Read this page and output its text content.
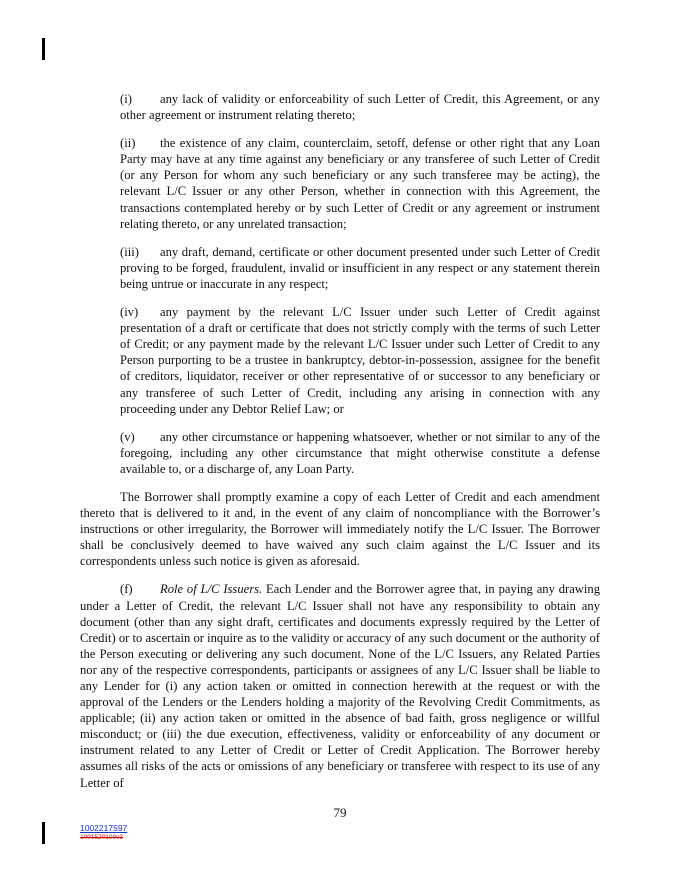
(i) any lack of validity or enforceability of such Letter of Credit, this Agreement, or any other agreement or instrument relating thereto;

(ii) the existence of any claim, counterclaim, setoff, defense or other right that any Loan Party may have at any time against any beneficiary or any transferee of such Letter of Credit (or any Person for whom any such beneficiary or any such transferee may be acting), the relevant L/C Issuer or any other Person, whether in connection with this Agreement, the transactions contemplated hereby or by such Letter of Credit or any agreement or instrument relating thereto, or any unrelated transaction;

(iii) any draft, demand, certificate or other document presented under such Letter of Credit proving to be forged, fraudulent, invalid or insufficient in any respect or any statement therein being untrue or inaccurate in any respect;

(iv) any payment by the relevant L/C Issuer under such Letter of Credit against presentation of a draft or certificate that does not strictly comply with the terms of such Letter of Credit; or any payment made by the relevant L/C Issuer under such Letter of Credit to any Person purporting to be a trustee in bankruptcy, debtor-in-possession, assignee for the benefit of creditors, liquidator, receiver or other representative of or successor to any beneficiary or any transferee of such Letter of Credit, including any arising in connection with any proceeding under any Debtor Relief Law; or

(v) any other circumstance or happening whatsoever, whether or not similar to any of the foregoing, including any other circumstance that might otherwise constitute a defense available to, or a discharge of, any Loan Party.

The Borrower shall promptly examine a copy of each Letter of Credit and each amendment thereto that is delivered to it and, in the event of any claim of noncompliance with the Borrower’s instructions or other irregularity, the Borrower will immediately notify the L/C Issuer. The Borrower shall be conclusively deemed to have waived any such claim against the L/C Issuer and its correspondents unless such notice is given as aforesaid.

(f) Role of L/C Issuers. Each Lender and the Borrower agree that, in paying any drawing under a Letter of Credit, the relevant L/C Issuer shall not have any responsibility to obtain any document (other than any sight draft, certificates and documents expressly required by the Letter of Credit) or to ascertain or inquire as to the validity or accuracy of any such document or the authority of the Person executing or delivering any such document. None of the L/C Issuers, any Related Parties nor any of the respective correspondents, participants or assignees of any L/C Issuer shall be liable to any Lender for (i) any action taken or omitted in connection herewith at the request or with the approval of the Lenders or the Lenders holding a majority of the Revolving Credit Commitments, as applicable; (ii) any action taken or omitted in the absence of bad faith, gross negligence or willful misconduct; or (iii) the due execution, effectiveness, validity or enforceability of any document or instrument related to any Letter of Credit or Letter of Credit Application. The Borrower hereby assumes all risks of the acts or omissions of any beneficiary or transferee with respect to its use of any Letter of

79
1002217597
1001520109v3
